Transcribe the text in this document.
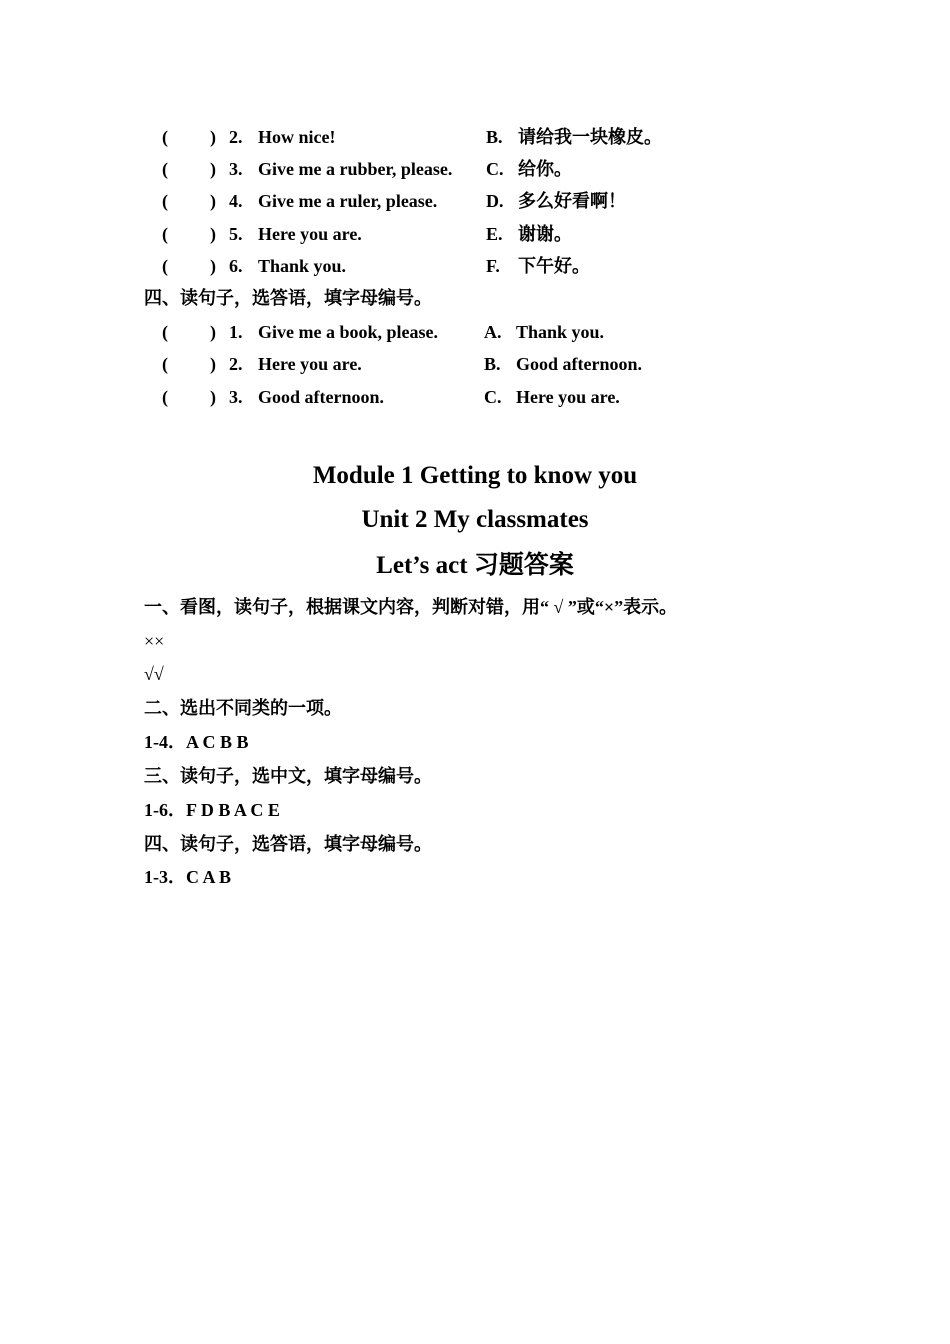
( ) 2. How nice!	B. 请给我一块橡皮。
( ) 3. Give me a rubber, please. C. 给你。
( ) 4. Give me a ruler, please.	D. 多么好看啊！
( ) 5. Here you are.	E. 谢谢。
( ) 6. Thank you.	F. 下午好。
四、读句子，选答语，填字母编号。
( ) 1. Give me a book, please.	A. Thank you.
( ) 2. Here you are.	B. Good afternoon.
( ) 3. Good afternoon.	C. Here you are.
Module 1 Getting to know you
Unit 2 My classmates
Let’s act 习题答案
一、看图，读句子，根据课文内容，判断对错，用“ √ ”或“×”表示。
××
√√
二、选出不同类的一项。
1-4．A C B B
三、读句子，选中文，填字母编号。
1-6．F D B A C E
四、读句子，选答语，填字母编号。
1-3．C A B
